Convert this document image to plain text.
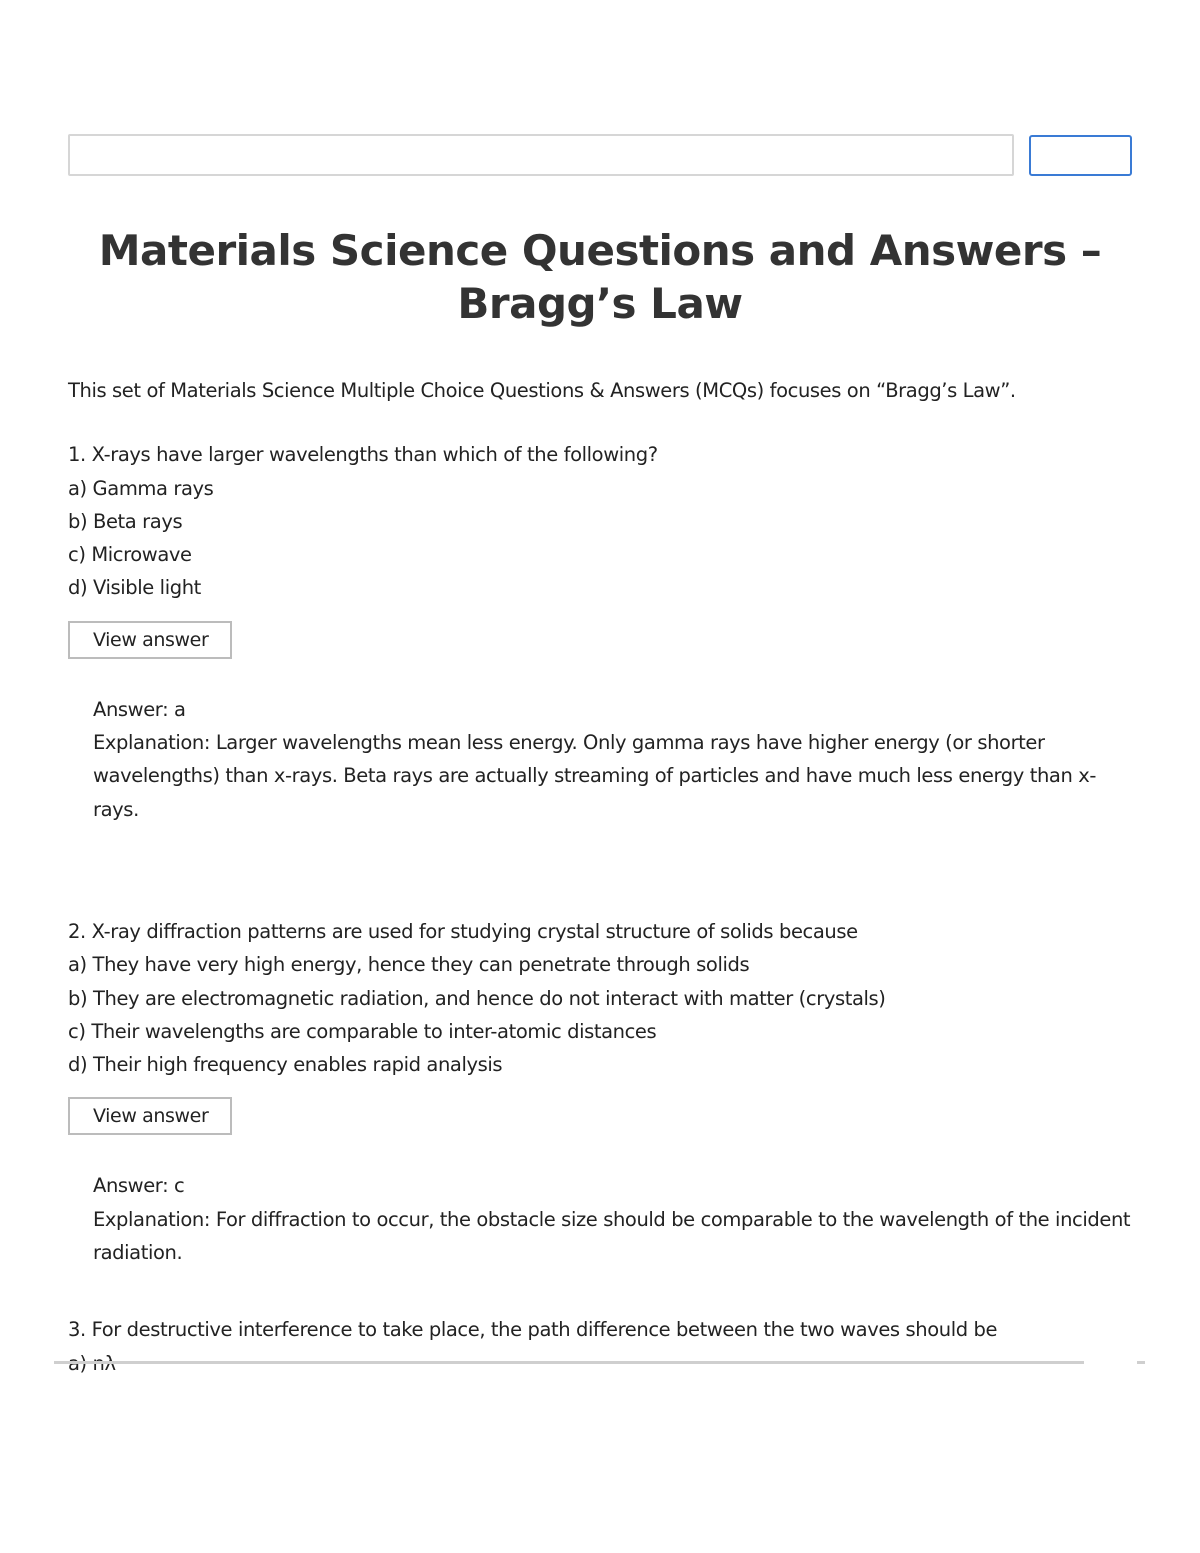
Materials Science Questions and Answers – Bragg’s Law

This set of Materials Science Multiple Choice Questions & Answers (MCQs) focuses on “Bragg’s Law”.

1. X-rays have larger wavelengths than which of the following?

a) Gamma rays

b) Beta rays

c) Microwave

d) Visible light

View answer

Answer: a

Explanation: Larger wavelengths mean less energy. Only gamma rays have higher energy (or shorter wavelengths) than x-rays. Beta rays are actually streaming of particles and have much less energy than x-rays.

2. X-ray diffraction patterns are used for studying crystal structure of solids because

a) They have very high energy, hence they can penetrate through solids

b) They are electromagnetic radiation, and hence do not interact with matter (crystals)

c) Their wavelengths are comparable to inter-atomic distances

d) Their high frequency enables rapid analysis

View answer

Answer: c

Explanation: For diffraction to occur, the obstacle size should be comparable to the wavelength of the incident radiation.

3. For destructive interference to take place, the path difference between the two waves should be
